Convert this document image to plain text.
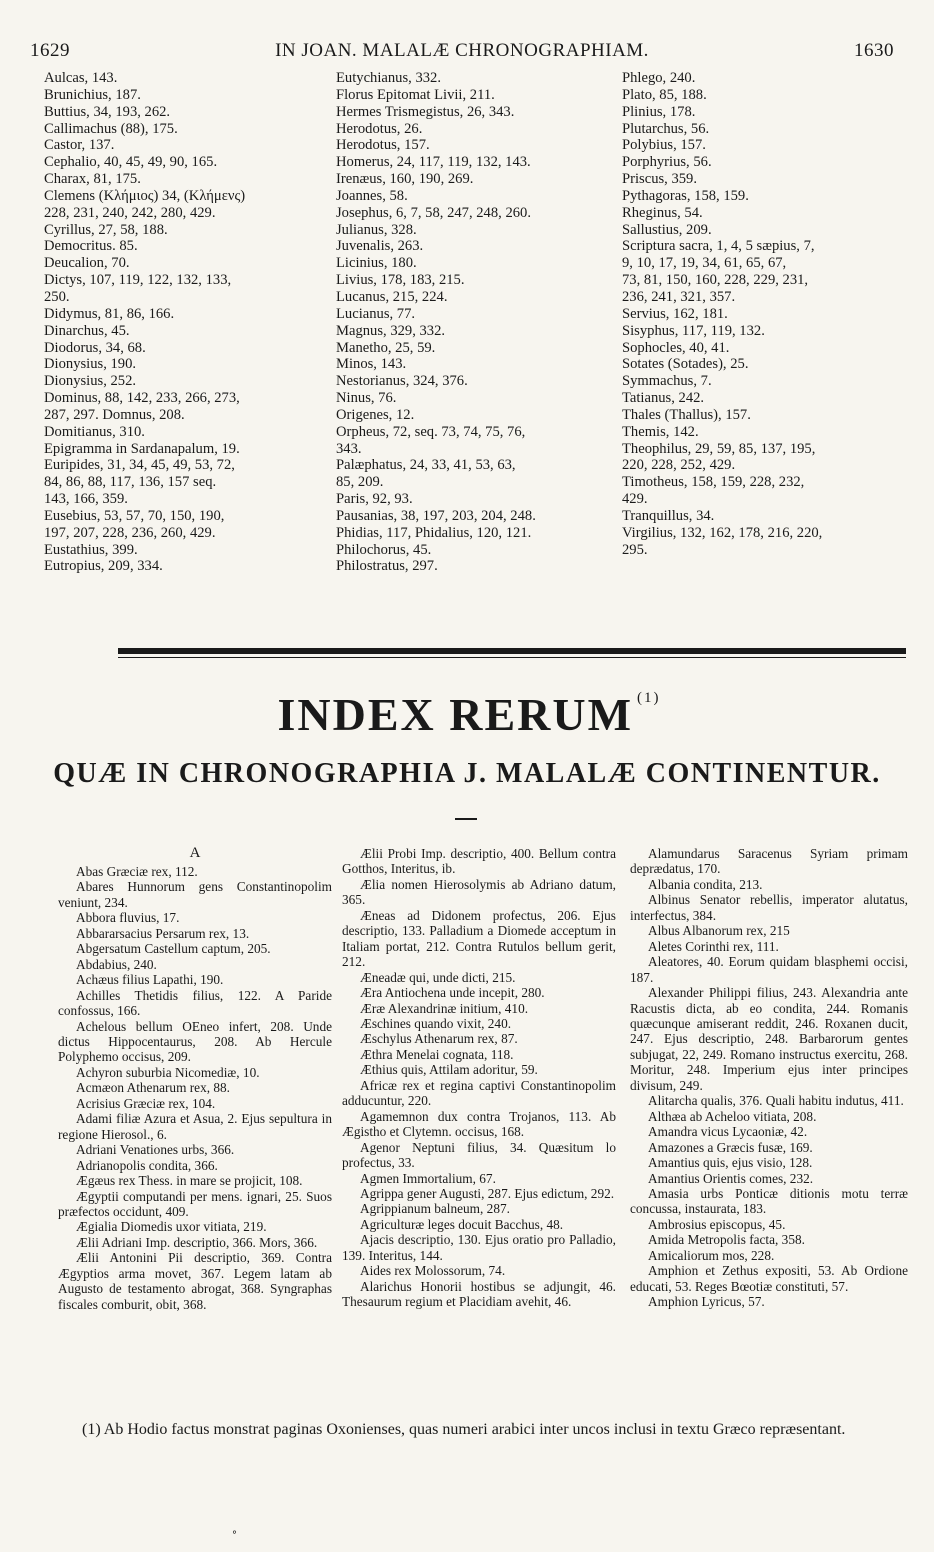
1629	IN JOAN. MALALÆ CHRONOGRAPHIAM.	1630
Aulcas, 143.
Brunichius, 187.
Buttius, 34, 193, 262.
Callimachus (88), 175.
Castor, 137.
Cephalio, 40, 45, 49, 90, 165.
Charax, 81, 175.
Clemens (Κλήμιος) 34, (Κλήμενς)
228, 231, 240, 242, 280, 429.
Cyrillus, 27, 58, 188.
Democritus. 85.
Deucalion, 70.
Dictys, 107, 119, 122, 132, 133,
250.
Didymus, 81, 86, 166.
Dinarchus, 45.
Diodorus, 34, 68.
Dionysius, 190.
Dionysius, 252.
Dominus, 88, 142, 233, 266, 273,
287, 297. Domnus, 208.
Domitianus, 310.
Epigramma in Sardanapalum, 19.
Euripides, 31, 34, 45, 49, 53, 72,
84, 86, 88, 117, 136, 157 seq.
143, 166, 359.
Eusebius, 53, 57, 70, 150, 190,
197, 207, 228, 236, 260, 429.
Eustathius, 399.
Eutropius, 209, 334.
Eutychianus, 332.
Florus Epitomat Livii, 211.
Hermes Trismegistus, 26, 343.
Herodotus, 26.
Herodotus, 157.
Homerus, 24, 117, 119, 132, 143.
Irenæus, 160, 190, 269.
Joannes, 58.
Josephus, 6, 7, 58, 247, 248, 260.
Julianus, 328.
Juvenalis, 263.
Licinius, 180.
Livius, 178, 183, 215.
Lucanus, 215, 224.
Lucianus, 77.
Magnus, 329, 332.
Manetho, 25, 59.
Minos, 143.
Nestorianus, 324, 376.
Ninus, 76.
Origenes, 12.
Orpheus, 72, seq. 73, 74, 75, 76,
343.
Palæphatus, 24, 33, 41, 53, 63,
85, 209.
Paris, 92, 93.
Pausanias, 38, 197, 203, 204, 248.
Phidias, 117, Phidalius, 120, 121.
Philochorus, 45.
Philostratus, 297.
Phlego, 240.
Plato, 85, 188.
Plinius, 178.
Plutarchus, 56.
Polybius, 157.
Porphyrius, 56.
Priscus, 359.
Pythagoras, 158, 159.
Rheginus, 54.
Sallustius, 209.
Scriptura sacra, 1, 4, 5 sæpius, 7,
9, 10, 17, 19, 34, 61, 65, 67,
73, 81, 150, 160, 228, 229, 231,
236, 241, 321, 357.
Servius, 162, 181.
Sisyphus, 117, 119, 132.
Sophocles, 40, 41.
Sotates (Sotades), 25.
Symmachus, 7.
Tatianus, 242.
Thales (Thallus), 157.
Themis, 142.
Theophilus, 29, 59, 85, 137, 195,
220, 228, 252, 429.
Timotheus, 158, 159, 228, 232,
429.
Tranquillus, 34.
Virgilius, 132, 162, 178, 216, 220,
295.
INDEX RERUM $^{(1)}$
QUÆ IN CHRONOGRAPHIA J. MALALÆ CONTINENTUR.
A

Abas Græciæ rex, 112.

Abares Hunnorum gens Constantinopolim veniunt, 234.

Abbora fluvius, 17.

Abbararsacius Persarum rex, 13.

Abgersatum Castellum captum, 205.

Abdabius, 240.

Achæus filius Lapathi, 190.

Achilles Thetidis filius, 122. A Paride confossus, 166.

Achelous bellum OEneo infert, 208. Unde dictus Hippocentaurus, 208. Ab Hercule Polyphemo occisus, 209.

Achyron suburbia Nicomediæ, 10.

Acmæon Athenarum rex, 88.

Acrisius Græciæ rex, 104.

Adami filiæ Azura et Asua, 2. Ejus sepultura in regione Hierosol., 6.

Adriani Venationes urbs, 366.

Adrianopolis condita, 366.

Ægæus rex Thess. in mare se projicit, 108.

Ægyptii computandi per mens. ignari, 25. Suos præfectos occidunt, 409.

Ægialia Diomedis uxor vitiata, 219.

Ælii Adriani Imp. descriptio, 366. Mors, 366.

Ælii Antonini Pii descriptio, 369. Contra Ægyptios arma movet, 367. Legem latam ab Augusto de testamento abrogat, 368. Syngraphas fiscales comburit, obit, 368.

Ælii Probi Imp. descriptio, 400. Bellum contra Gotthos, Interitus, ib.

Ælia nomen Hierosolymis ab Adriano datum, 365.

Æneas ad Didonem profectus, 206. Ejus descriptio, 133. Palladium a Diomede acceptum in Italiam portat, 212. Contra Rutulos bellum gerit, 212.

Æneadæ qui, unde dicti, 215.

Æra Antiochena unde incepit, 280.

Æræ Alexandrinæ initium, 410.

Æschines quando vixit, 240.

Æschylus Athenarum rex, 87.

Æthra Menelai cognata, 118.

Æthius quis, Attilam adoritur, 59.

Africæ rex et regina captivi Constantinopolim adducuntur, 220.

Agamemnon dux contra Trojanos, 113. Ab Ægistho et Clytemn. occisus, 168.

Agenor Neptuni filius, 34. Quæsitum lo profectus, 33.

Agmen Immortalium, 67.

Agrippa gener Augusti, 287. Ejus edictum, 292.

Agrippianum balneum, 287.

Agriculturæ leges docuit Bacchus, 48.

Ajacis descriptio, 130. Ejus oratio pro Palladio, 139. Interitus, 144.

Aides rex Molossorum, 74.

Alarichus Honorii hostibus se adjungit, 46. Thesaurum regium et Placidiam avehit, 46.

Alamundarus Saracenus Syriam primam deprædatus, 170.

Albania condita, 213.

Albinus Senator rebellis, imperator alutatus, interfectus, 384.

Albus Albanorum rex, 215

Aletes Corinthi rex, 111.

Aleatores, 40. Eorum quidam blasphemi occisi, 187.

Alexander Philippi filius, 243. Alexandria ante Racustis dicta, ab eo condita, 244. Romanis quæcunque amiserant reddit, 246. Roxanen ducit, 247. Ejus descriptio, 248. Barbarorum gentes subjugat, 22, 249. Romano instructus exercitu, 268. Moritur, 248. Imperium ejus inter principes divisum, 249.

Alitarcha qualis, 376. Quali habitu indutus, 411.

Althæa ab Acheloo vitiata, 208.

Amandra vicus Lycaoniæ, 42.

Amazones a Græcis fusæ, 169.

Amantius quis, ejus visio, 128.

Amantius Orientis comes, 232.

Amasia urbs Ponticæ ditionis motu terræ concussa, instaurata, 183.

Ambrosius episcopus, 45.

Amida Metropolis facta, 358.

Amicaliorum mos, 228.

Amphion et Zethus expositi, 53. Ab Ordione educati, 53. Reges Bœotiæ constituti, 57.

Amphion Lyricus, 57.

(1) Ab Hodio factus monstrat paginas Oxonienses, quas numeri arabici inter uncos inclusi in textu Græco repræsentant.
°
